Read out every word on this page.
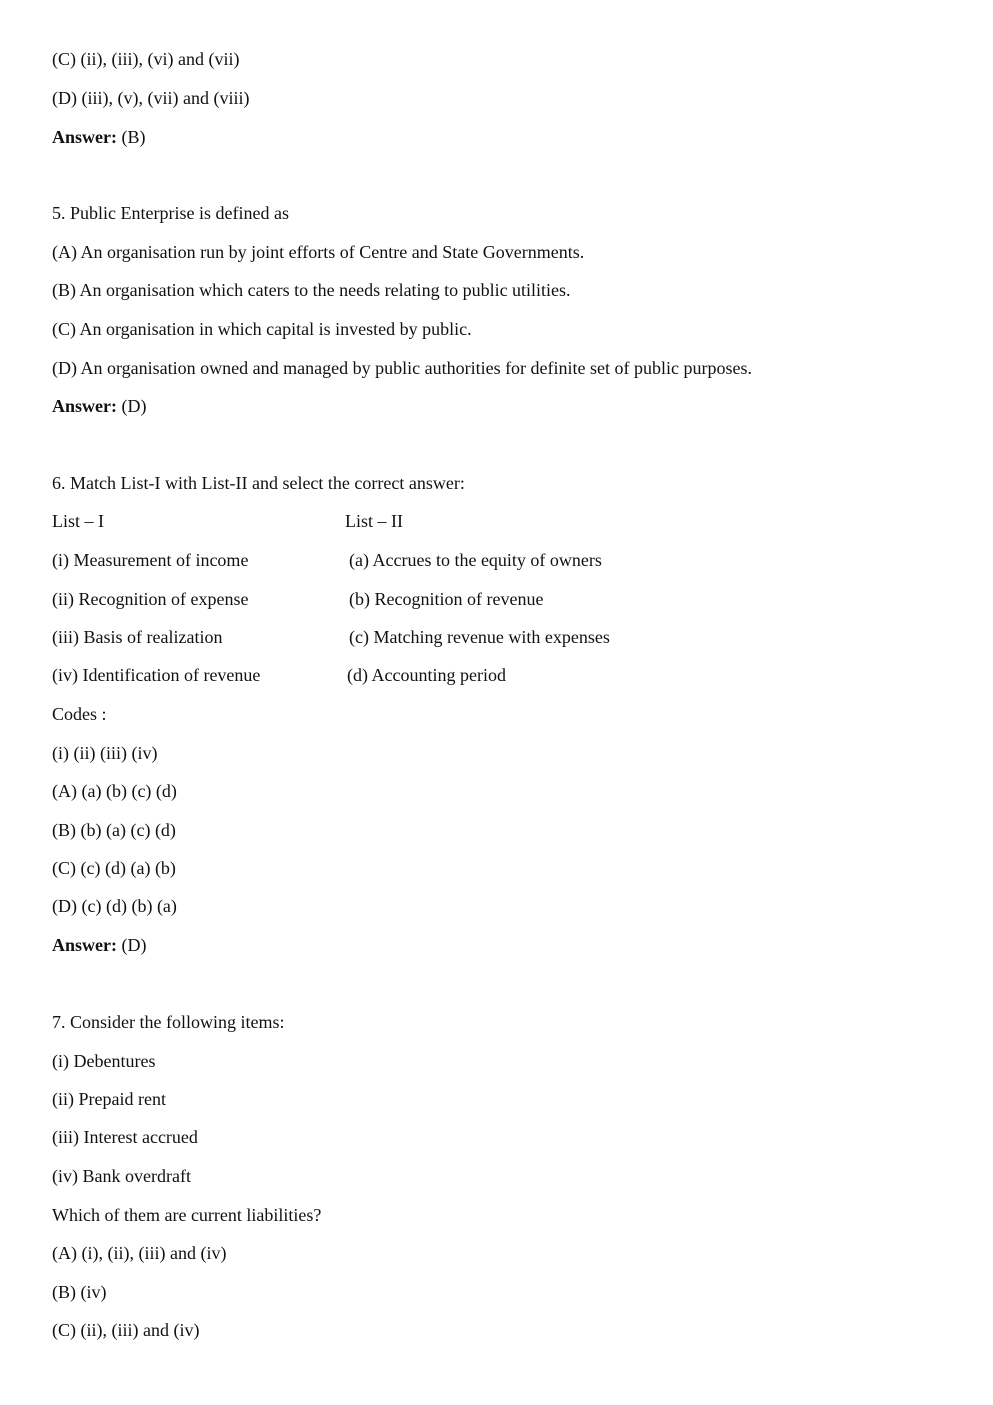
(C) (ii), (iii), (vi) and (vii)
(D) (iii), (v), (vii) and (viii)
Answer: (B)
5. Public Enterprise is defined as
(A) An organisation run by joint efforts of Centre and State Governments.
(B) An organisation which caters to the needs relating to public utilities.
(C) An organisation in which capital is invested by public.
(D) An organisation owned and managed by public authorities for definite set of public purposes.
Answer: (D)
6. Match List-I with List-II and select the correct answer:
List – I	List – II
(i) Measurement of income	(a) Accrues to the equity of owners
(ii) Recognition of expense	(b) Recognition of revenue
(iii) Basis of realization	(c) Matching revenue with expenses
(iv) Identification of revenue	(d) Accounting period
Codes :
(i) (ii) (iii) (iv)
(A) (a) (b) (c) (d)
(B) (b) (a) (c) (d)
(C) (c) (d) (a) (b)
(D) (c) (d) (b) (a)
Answer: (D)
7. Consider the following items:
(i) Debentures
(ii) Prepaid rent
(iii) Interest accrued
(iv) Bank overdraft
Which of them are current liabilities?
(A) (i), (ii), (iii) and (iv)
(B) (iv)
(C) (ii), (iii) and (iv)
